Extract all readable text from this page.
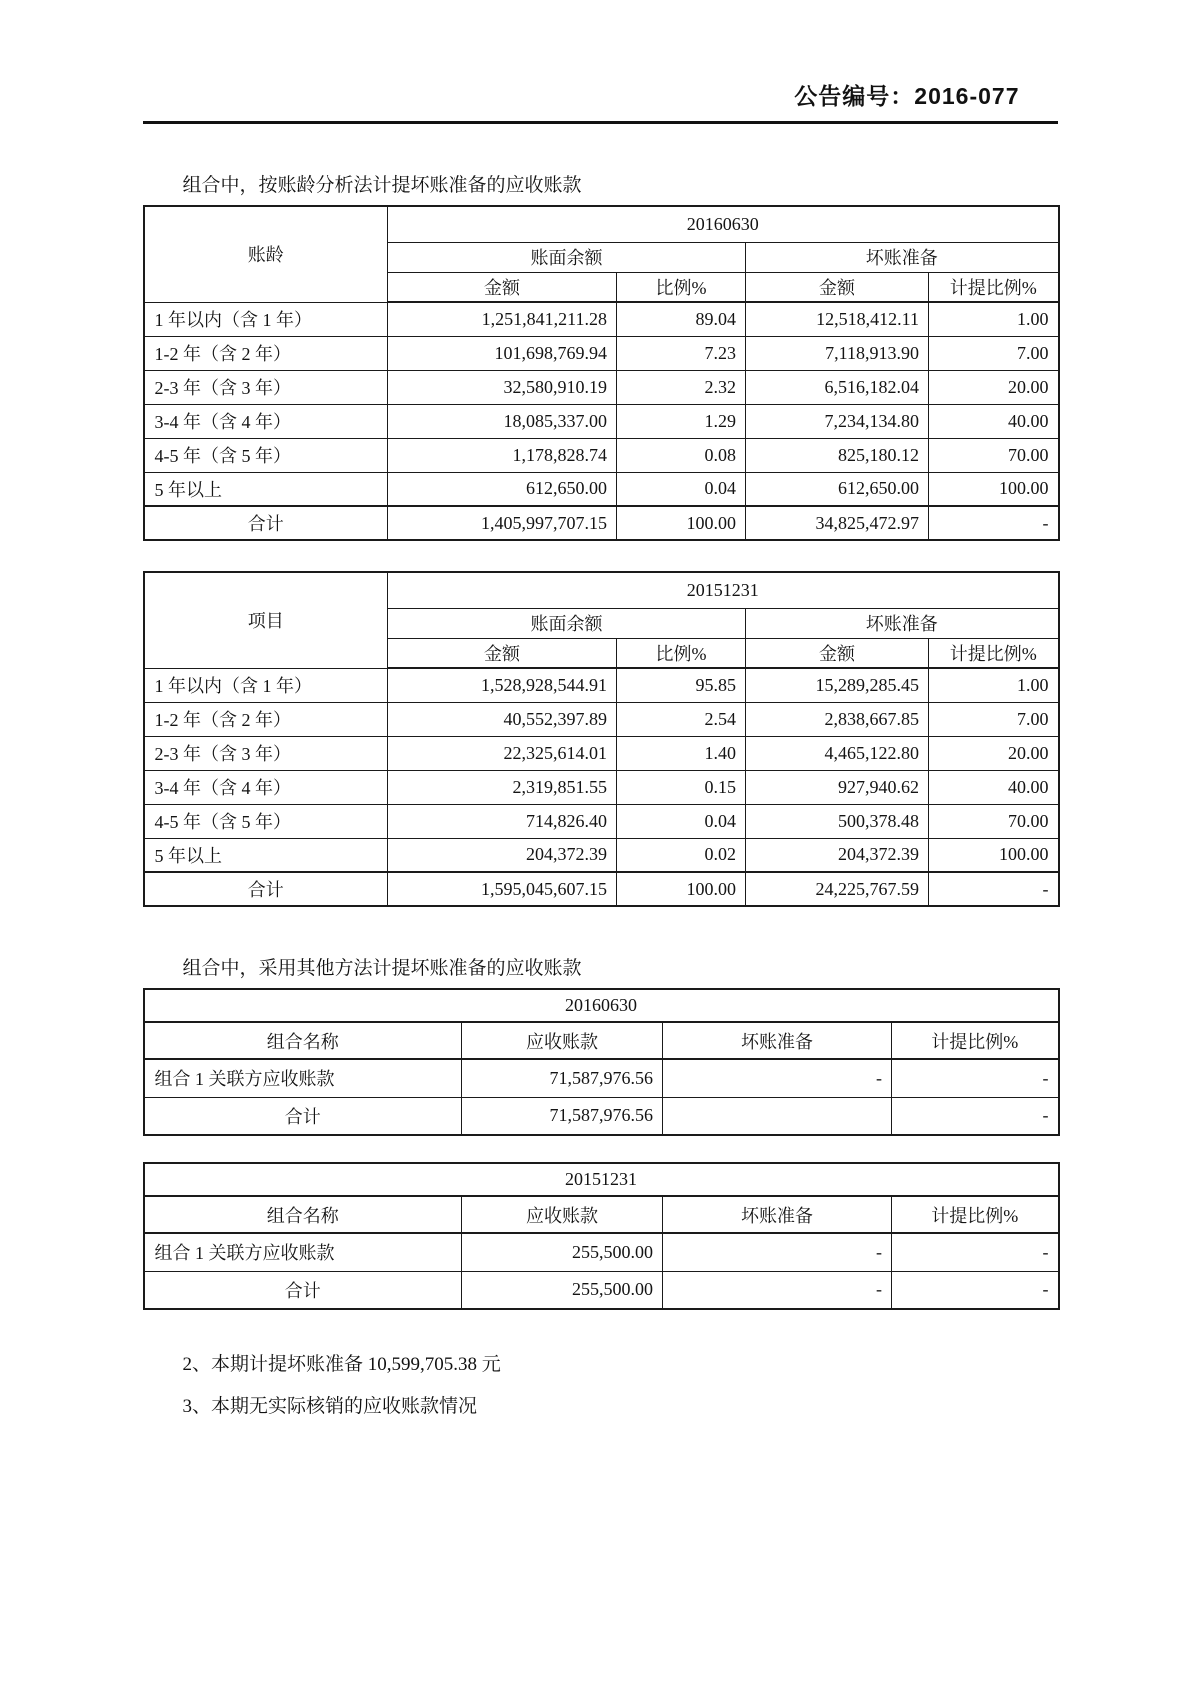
公告编号：2016-077
组合中，按账龄分析法计提坏账准备的应收账款
账龄	20160630			
	账面余额		坏账准备	
	金额	比例%	金额	计提比例%
1 年以内（含 1 年）	1,251,841,211.28	89.04	12,518,412.11	1.00
1-2 年（含 2 年）	101,698,769.94	7.23	7,118,913.90	7.00
2-3 年（含 3 年）	32,580,910.19	2.32	6,516,182.04	20.00
3-4 年（含 4 年）	18,085,337.00	1.29	7,234,134.80	40.00
4-5 年（含 5 年）	1,178,828.74	0.08	825,180.12	70.00
5 年以上	612,650.00	0.04	612,650.00	100.00
合计	1,405,997,707.15	100.00	34,825,472.97	-
项目	20151231			
	账面余额		坏账准备	
	金额	比例%	金额	计提比例%
1 年以内（含 1 年）	1,528,928,544.91	95.85	15,289,285.45	1.00
1-2 年（含 2 年）	40,552,397.89	2.54	2,838,667.85	7.00
2-3 年（含 3 年）	22,325,614.01	1.40	4,465,122.80	20.00
3-4 年（含 4 年）	2,319,851.55	0.15	927,940.62	40.00
4-5 年（含 5 年）	714,826.40	0.04	500,378.48	70.00
5 年以上	204,372.39	0.02	204,372.39	100.00
合计	1,595,045,607.15	100.00	24,225,767.59	-
组合中，采用其他方法计提坏账准备的应收账款
20160630			
组合名称	应收账款	坏账准备	计提比例%
组合 1 关联方应收账款	71,587,976.56	-	-
合计	71,587,976.56		-
20151231			
组合名称	应收账款	坏账准备	计提比例%
组合 1 关联方应收账款	255,500.00	-	-
合计	255,500.00	-	-
2、本期计提坏账准备 10,599,705.38 元
3、本期无实际核销的应收账款情况
